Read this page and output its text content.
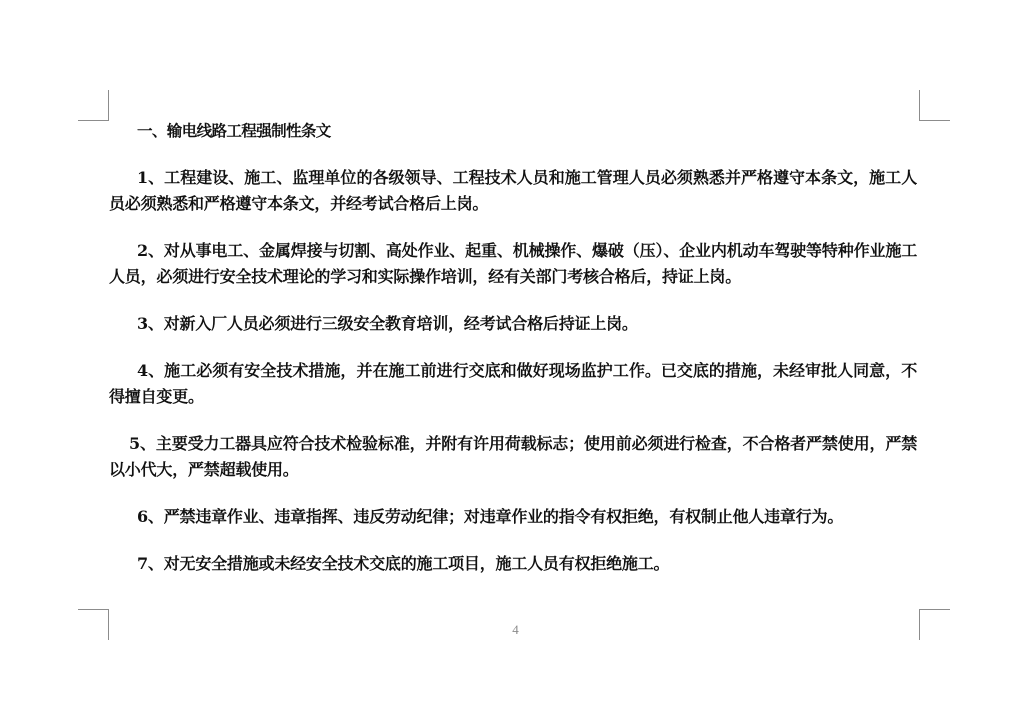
一、输电线路工程强制性条文

1、工程建设、施工、监理单位的各级领导、工程技术人员和施工管理人员必须熟悉并严格遵守本条文，施工人员必须熟悉和严格遵守本条文，并经考试合格后上岗。

2、对从事电工、金属焊接与切割、高处作业、起重、机械操作、爆破（压）、企业内机动车驾驶等特种作业施工人员，必须进行安全技术理论的学习和实际操作培训，经有关部门考核合格后，持证上岗。

3、对新入厂人员必须进行三级安全教育培训，经考试合格后持证上岗。

4、施工必须有安全技术措施，并在施工前进行交底和做好现场监护工作。已交底的措施，未经审批人同意，不得擅自变更。

5、主要受力工器具应符合技术检验标准，并附有许用荷载标志；使用前必须进行检查，不合格者严禁使用，严禁以小代大，严禁超载使用。

6、严禁违章作业、违章指挥、违反劳动纪律；对违章作业的指令有权拒绝，有权制止他人违章行为。

7、对无安全措施或未经安全技术交底的施工项目，施工人员有权拒绝施工。

4
